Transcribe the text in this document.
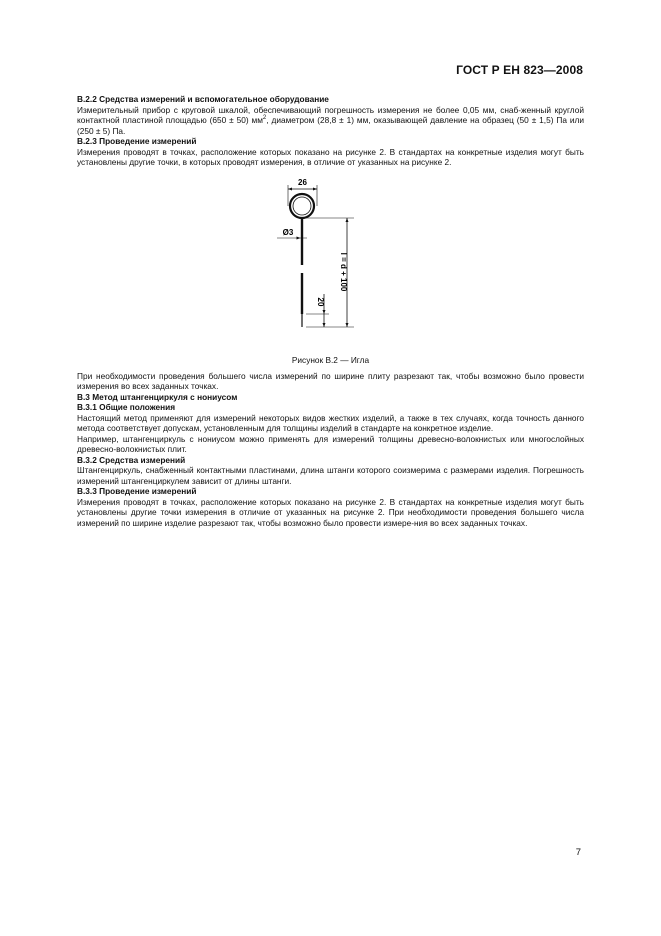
ГОСТ Р ЕН 823—2008

B.2.2 Средства измерений и вспомогательное оборудование

Измерительный прибор с круговой шкалой, обеспечивающий погрешность измерения не более 0,05 мм, снаб-женный круглой контактной пластиной площадью (650 ± 50) $мм^2$, диаметром (28,8 ± 1) мм, оказывающей давление на образец (50 ± 1,5) Па или (250 ± 5) Па.

B.2.3 Проведение измерений

Измерения проводят в точках, расположение которых показано на рисунке 2. В стандартах на конкретные изделия могут быть установлены другие точки, в которых проводят измерения, в отличие от указанных на рисунке 2.

26
Ø3
l = d + 100
20
Рисунок B.2 — Игла

При необходимости проведения большего числа измерений по ширине плиту разрезают так, чтобы возможно было провести измерения во всех заданных точках.

B.3 Метод штангенциркуля с нониусом

B.3.1 Общие положения

Настоящий метод применяют для измерений некоторых видов жестких изделий, а также в тех случаях, когда точность данного метода соответствует допускам, установленным для толщины изделий в стандарте на конкретное изделие.

Например, штангенциркуль с нониусом можно применять для измерений толщины древесно-волокнистых или многослойных древесно-волокнистых плит.

B.3.2 Средства измерений

Штангенциркуль, снабженный контактными пластинами, длина штанги которого соизмерима с размерами изделия. Погрешность измерений штангенциркулем зависит от длины штанги.

B.3.3 Проведение измерений

Измерения проводят в точках, расположение которых показано на рисунке 2. В стандартах на конкретные изделия могут быть установлены другие точки измерения в отличие от указанных на рисунке 2. При необходимости проведения большего числа измерений по ширине изделие разрезают так, чтобы возможно было провести измере-ния во всех заданных точках.

7
